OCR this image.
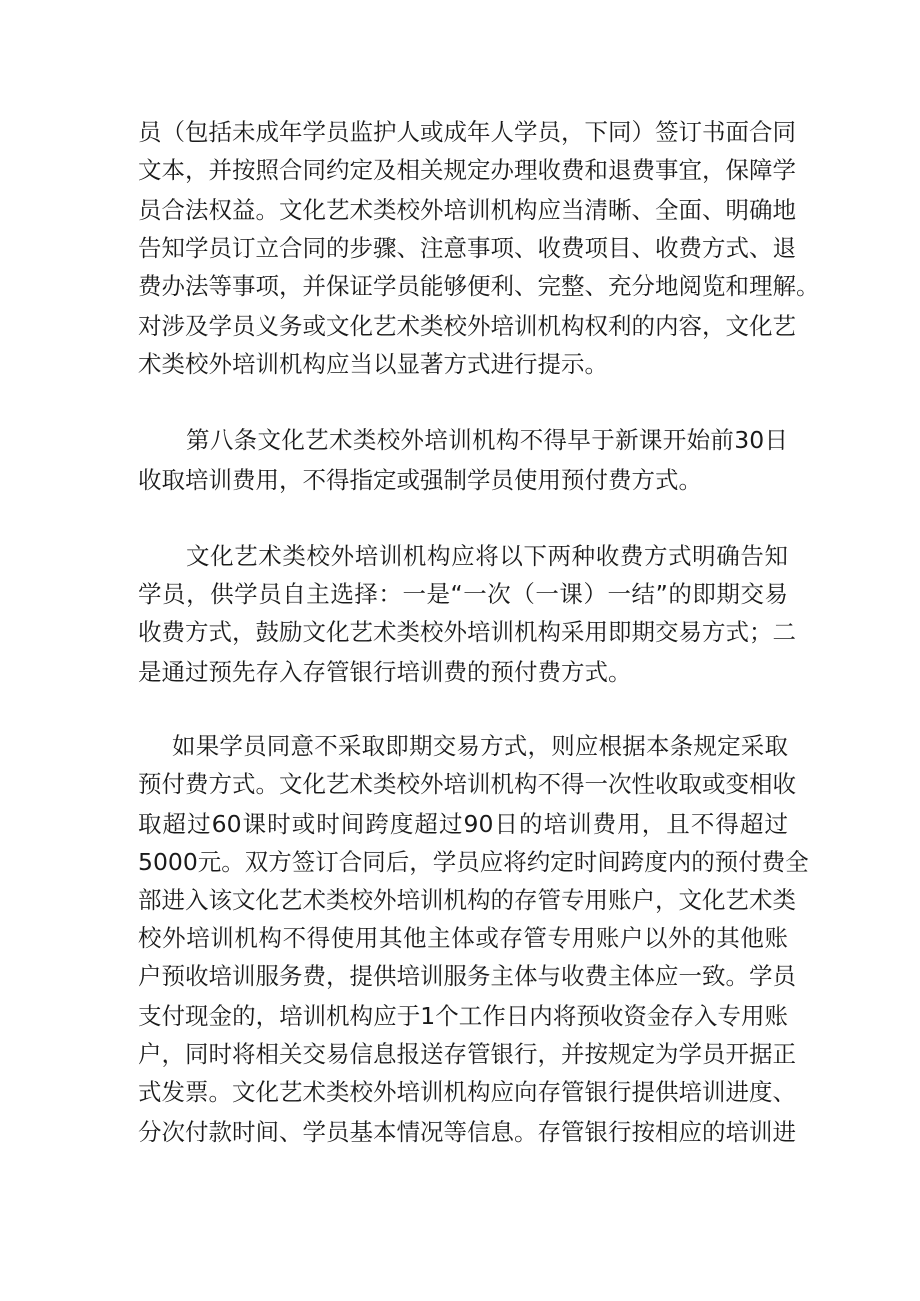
员（包括未成年学员监护人或成年人学员，下同）签订书面合同
文本，并按照合同约定及相关规定办理收费和退费事宜，保障学
员合法权益。文化艺术类校外培训机构应当清晰、全面、明确地
告知学员订立合同的步骤、注意事项、收费项目、收费方式、退
费办法等事项，并保证学员能够便利、完整、充分地阅览和理解。
对涉及学员义务或文化艺术类校外培训机构权利的内容，文化艺
术类校外培训机构应当以显著方式进行提示。
第八条文化艺术类校外培训机构不得早于新课开始前30日
收取培训费用，不得指定或强制学员使用预付费方式。
文化艺术类校外培训机构应将以下两种收费方式明确告知
学员，供学员自主选择：一是“一次（一课）一结”的即期交易
收费方式，鼓励文化艺术类校外培训机构采用即期交易方式；二
是通过预先存入存管银行培训费的预付费方式。
如果学员同意不采取即期交易方式，则应根据本条规定采取
预付费方式。文化艺术类校外培训机构不得一次性收取或变相收
取超过60课时或时间跨度超过90日的培训费用，且不得超过
5000元。双方签订合同后，学员应将约定时间跨度内的预付费全
部进入该文化艺术类校外培训机构的存管专用账户，文化艺术类
校外培训机构不得使用其他主体或存管专用账户以外的其他账
户预收培训服务费，提供培训服务主体与收费主体应一致。学员
支付现金的，培训机构应于1个工作日内将预收资金存入专用账
户，同时将相关交易信息报送存管银行，并按规定为学员开据正
式发票。文化艺术类校外培训机构应向存管银行提供培训进度、
分次付款时间、学员基本情况等信息。存管银行按相应的培训进
